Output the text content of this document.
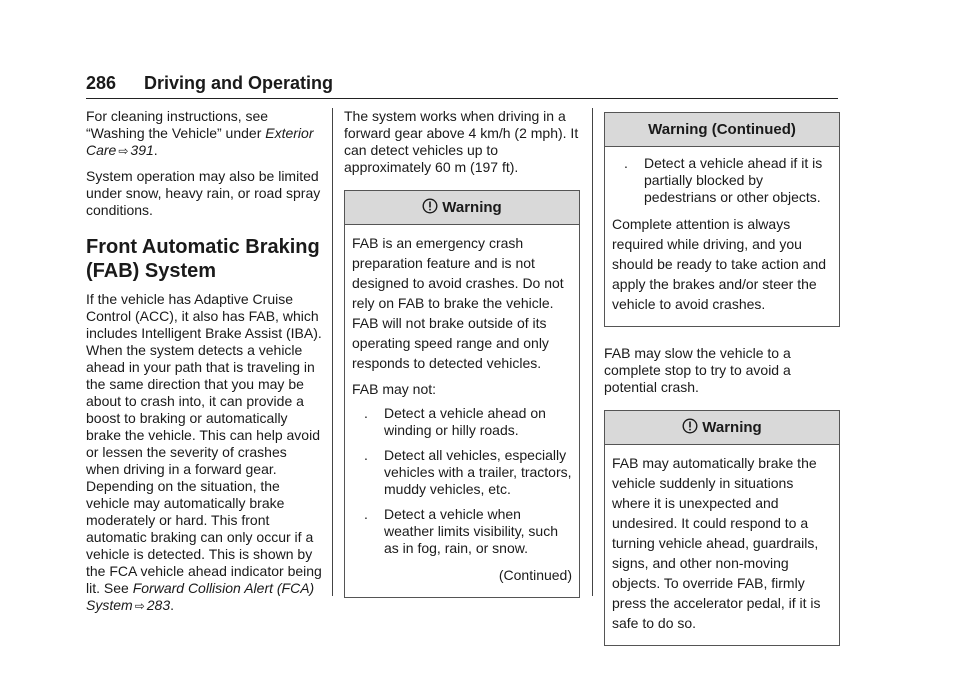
286 Driving and Operating

For cleaning instructions, see “Washing the Vehicle” under Exterior Care ⇨ 391.

System operation may also be limited under snow, heavy rain, or road spray conditions.

Front Automatic Braking (FAB) System

If the vehicle has Adaptive Cruise Control (ACC), it also has FAB, which includes Intelligent Brake Assist (IBA). When the system detects a vehicle ahead in your path that is traveling in the same direction that you may be about to crash into, it can provide a boost to braking or automatically brake the vehicle. This can help avoid or lessen the severity of crashes when driving in a forward gear. Depending on the situation, the vehicle may automatically brake moderately or hard. This front automatic braking can only occur if a vehicle is detected. This is shown by the FCA vehicle ahead indicator being lit. See Forward Collision Alert (FCA) System ⇨ 283.

The system works when driving in a forward gear above 4 km/h (2 mph). It can detect vehicles up to approximately 60 m (197 ft).

Warning

FAB is an emergency crash preparation feature and is not designed to avoid crashes. Do not rely on FAB to brake the vehicle. FAB will not brake outside of its operating speed range and only responds to detected vehicles.

FAB may not:

. Detect a vehicle ahead on winding or hilly roads.
. Detect all vehicles, especially vehicles with a trailer, tractors, muddy vehicles, etc.
. Detect a vehicle when weather limits visibility, such as in fog, rain, or snow.

(Continued)

Warning (Continued)
. Detect a vehicle ahead if it is partially blocked by pedestrians or other objects.

Complete attention is always required while driving, and you should be ready to take action and apply the brakes and/or steer the vehicle to avoid crashes.

FAB may slow the vehicle to a complete stop to try to avoid a potential crash.

Warning

FAB may automatically brake the vehicle suddenly in situations where it is unexpected and undesired. It could respond to a turning vehicle ahead, guardrails, signs, and other non-moving objects. To override FAB, firmly press the accelerator pedal, if it is safe to do so.
